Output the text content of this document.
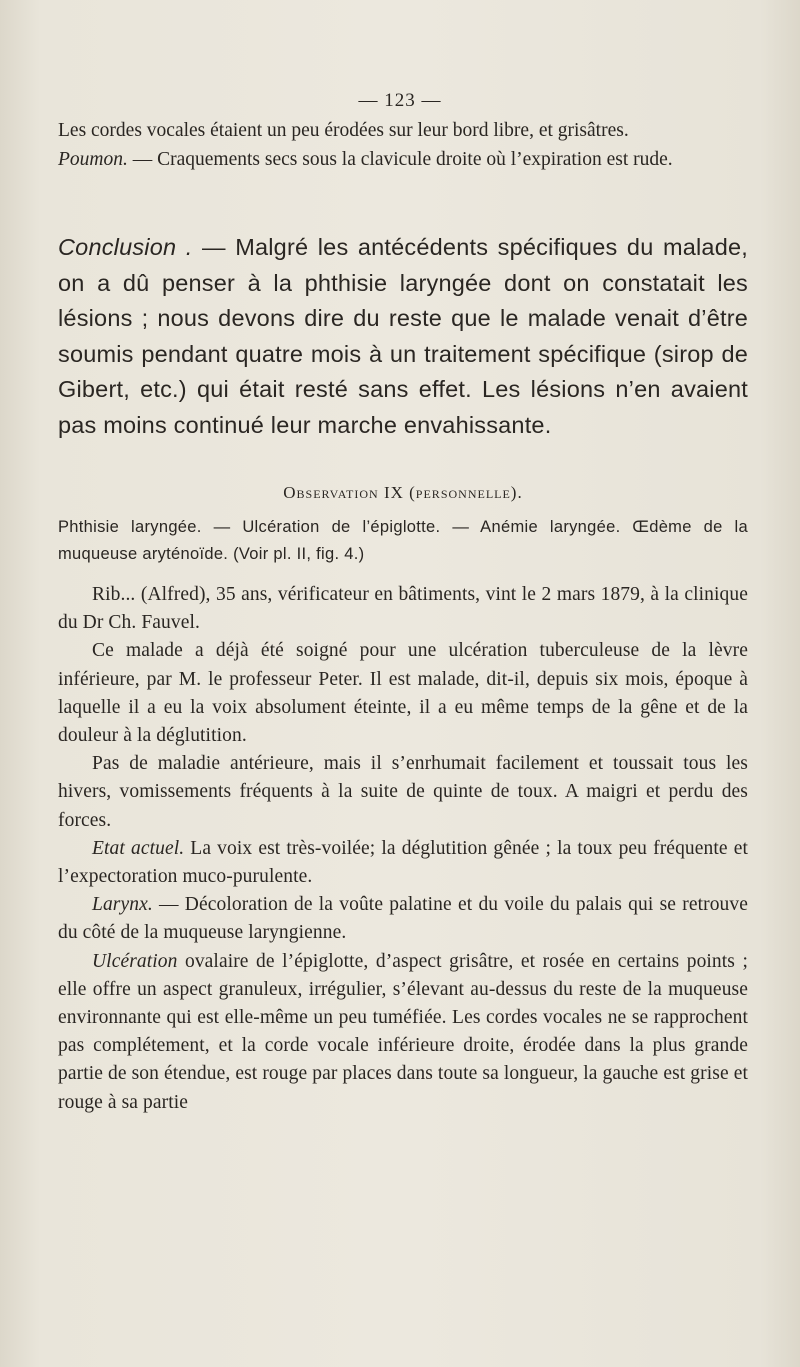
— 123 —

Les cordes vocales étaient un peu érodées sur leur bord libre, et grisâtres.

Poumon. — Craquements secs sous la clavicule droite où l’expiration est rude.

Conclusion . — Malgré les antécédents spécifiques du malade, on a dû penser à la phthisie laryngée dont on constatait les lésions ; nous devons dire du reste que le malade venait d’être soumis pendant quatre mois à un traitement spécifique (sirop de Gibert, etc.) qui était resté sans effet. Les lésions n’en avaient pas moins continué leur marche envahissante.

Observation IX (personnelle).

Phthisie laryngée. — Ulcération de l’épiglotte. — Anémie laryngée. Œdème de la muqueuse aryténoïde. (Voir pl. II, fig. 4.)

Rib... (Alfred), 35 ans, vérificateur en bâtiments, vint le 2 mars 1879, à la clinique du Dr Ch. Fauvel.

Ce malade a déjà été soigné pour une ulcération tuberculeuse de la lèvre inférieure, par M. le professeur Peter. Il est malade, dit-il, depuis six mois, époque à laquelle il a eu la voix absolument éteinte, il a eu même temps de la gêne et de la douleur à la déglutition.

Pas de maladie antérieure, mais il s’enrhumait facilement et toussait tous les hivers, vomissements fréquents à la suite de quinte de toux. A maigri et perdu des forces.

Etat actuel. La voix est très-voilée; la déglutition gênée ; la toux peu fréquente et l’expectoration muco-purulente.

Larynx. — Décoloration de la voûte palatine et du voile du palais qui se retrouve du côté de la muqueuse laryngienne.

Ulcération ovalaire de l’épiglotte, d’aspect grisâtre, et rosée en certains points ; elle offre un aspect granuleux, irrégulier, s’élevant au-dessus du reste de la muqueuse environnante qui est elle-même un peu tuméfiée. Les cordes vocales ne se rapprochent pas complétement, et la corde vocale inférieure droite, érodée dans la plus grande partie de son étendue, est rouge par places dans toute sa longueur, la gauche est grise et rouge à sa partie
